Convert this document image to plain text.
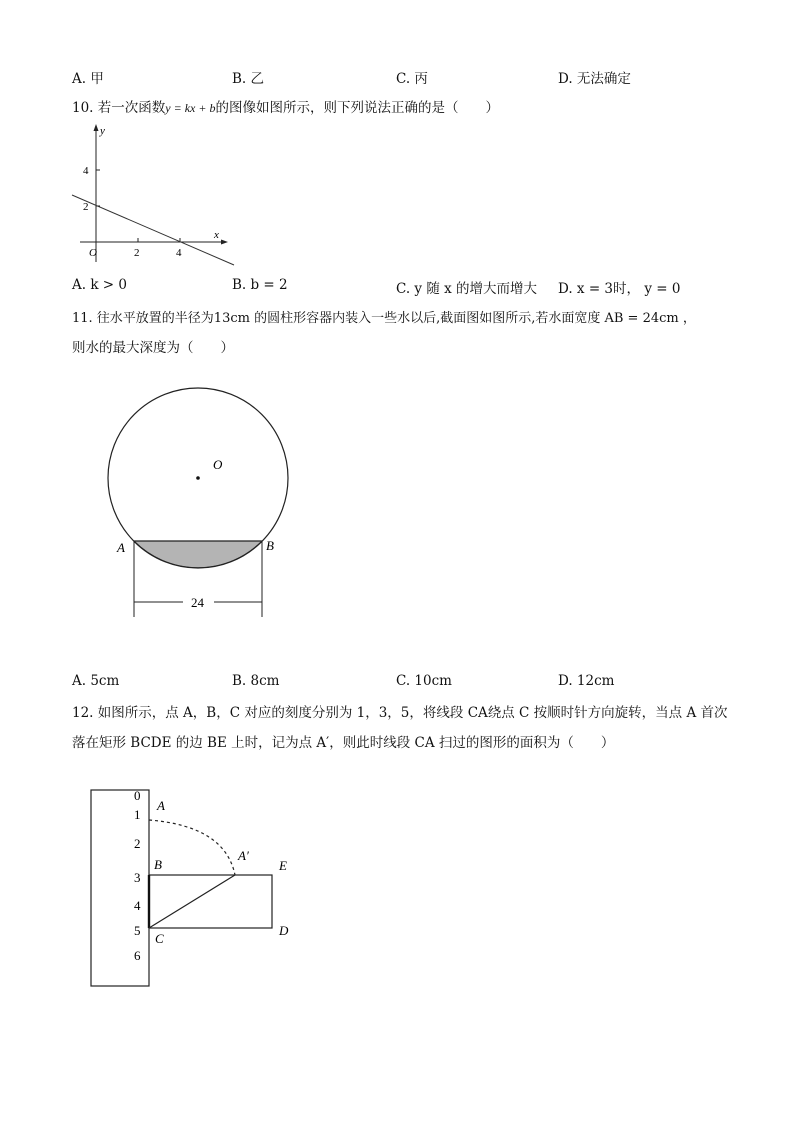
A. 甲	B. 乙	C. 丙	D. 无法确定
10. 若一次函数y = kx + b的图像如图所示，则下列说法正确的是（　　）
y
x
O
4
2
2	4
A. k > 0	B. b = 2	C. y 随 x 的增大而增大 D. x = 3时， y = 0
11. 往水平放置的半径为13cm 的圆柱形容器内装入一些水以后,截面图如图所示,若水面宽度 AB = 24cm ，
则水的最大深度为（　　）
O
A	B
24
A. 5cm	B. 8cm	C. 10cm	D. 12cm
12. 如图所示，点 A，B，C 对应的刻度分别为 1，3，5，将线段 CA绕点 C 按顺时针方向旋转，当点 A 首次
落在矩形 BCDE 的边 BE 上时，记为点 A′，则此时线段 CA 扫过的图形的面积为（　　）
0
1
2
3
4
5
6
A
A′
B
C
D
E
